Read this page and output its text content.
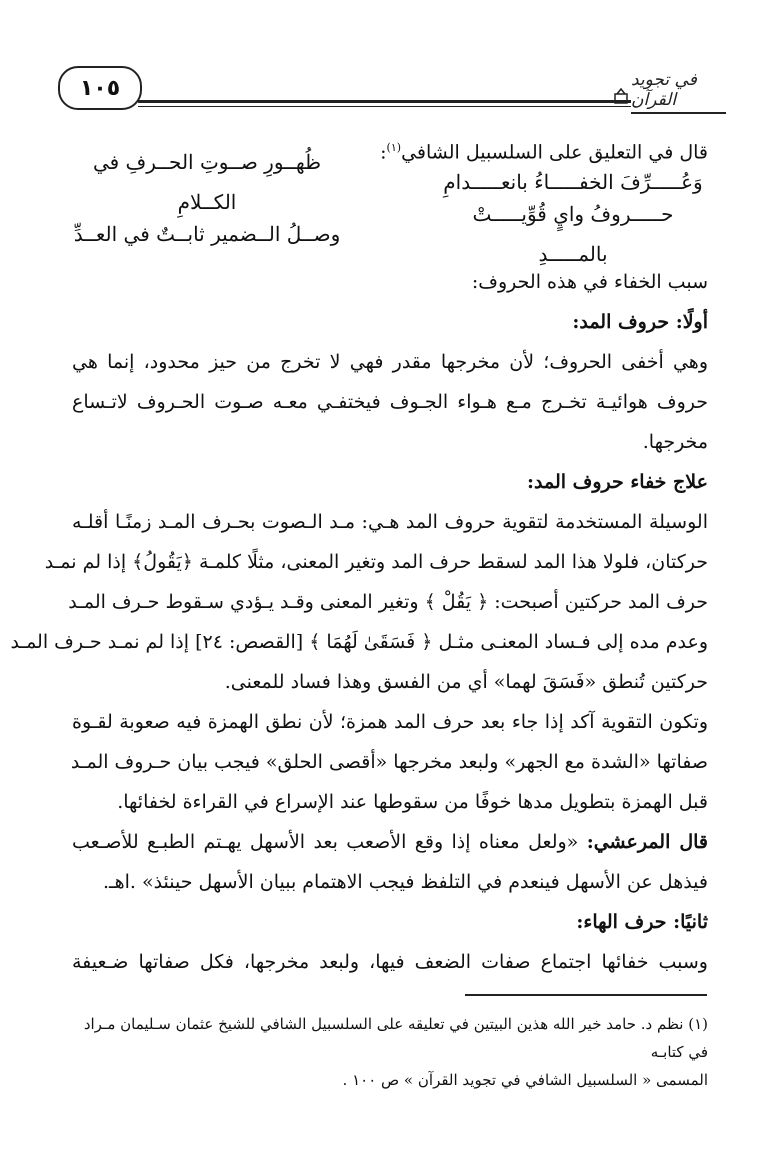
١٠٥	في تجويد القرآن
قال في التعليق على السلسبيل الشافي$^{(١)}$:
وَعُـــــرِّفَ الخفـــــاءُ بانعـــــدامِ
ظُهــورِ صــوتِ الحــرفِ في الكــلامِ	حـــــروفُ وايٍ قُوِّيـــــتْ بالمـــــدِ
وصــلُ الــضمير ثابــتٌ في العــدِّ
سبب الخفاء في هذه الحروف:
أولًا: حروف المد:
وهي أخفى الحروف؛ لأن مخرجها مقدر فهي لا تخرج من حيز محدود، إنما هي
حروف هوائيـة تخـرج مـع هـواء الجـوف فيختفـي معـه صـوت الحـروف لاتـساع
مخرجها.
علاج خفاء حروف المد:
الوسيلة المستخدمة لتقوية حروف المد هـي: مـد الـصوت بحـرف المـد زمنًـا أقلـه
حركتان، فلولا هذا المد لسقط حرف المد وتغير المعنى، مثلًا كلمـة ﴿يَقُولُ﴾ إذا لم نمـد
حرف المد حركتين أصبحت: ﴿ يَقُلْ ﴾ وتغير المعنى وقـد يـؤدي سـقوط حـرف المـد
وعدم مده إلى فـساد المعنـى مثـل ﴿ فَسَقَىٰ لَهُمَا ﴾ [القصص: ٢٤] إذا لم نمـد حـرف المـد
حركتين تُنطق «فَسَقَ لهما» أي من الفسق وهذا فساد للمعنى.
وتكون التقوية آكد إذا جاء بعد حرف المد همزة؛ لأن نطق الهمزة فيه صعوبة لقـوة
صفاتها «الشدة مع الجهر» ولبعد مخرجها «أقصى الحلق» فيجب بيان حـروف المـد
قبل الهمزة بتطويل مدها خوفًا من سقوطها عند الإسراع في القراءة لخفائها.
قال المرعشي: «ولعل معناه إذا وقع الأصعب بعد الأسهل يهـتم الطبـع للأصـعب
فيذهل عن الأسهل فينعدم في التلفظ فيجب الاهتمام ببيان الأسهل حينئذ» .اهـ.
ثانيًا: حرف الهاء:
وسبب خفائها اجتماع صفات الضعف فيها، ولبعد مخرجها، فكل صفاتها ضـعيفة
(١) نظم د. حامد خير الله هذين البيتين في تعليقه على السلسبيل الشافي للشيخ عثمان سـليمان مـراد في كتابـه
المسمى « السلسبيل الشافي في تجويد القرآن » ص ١٠٠ .
